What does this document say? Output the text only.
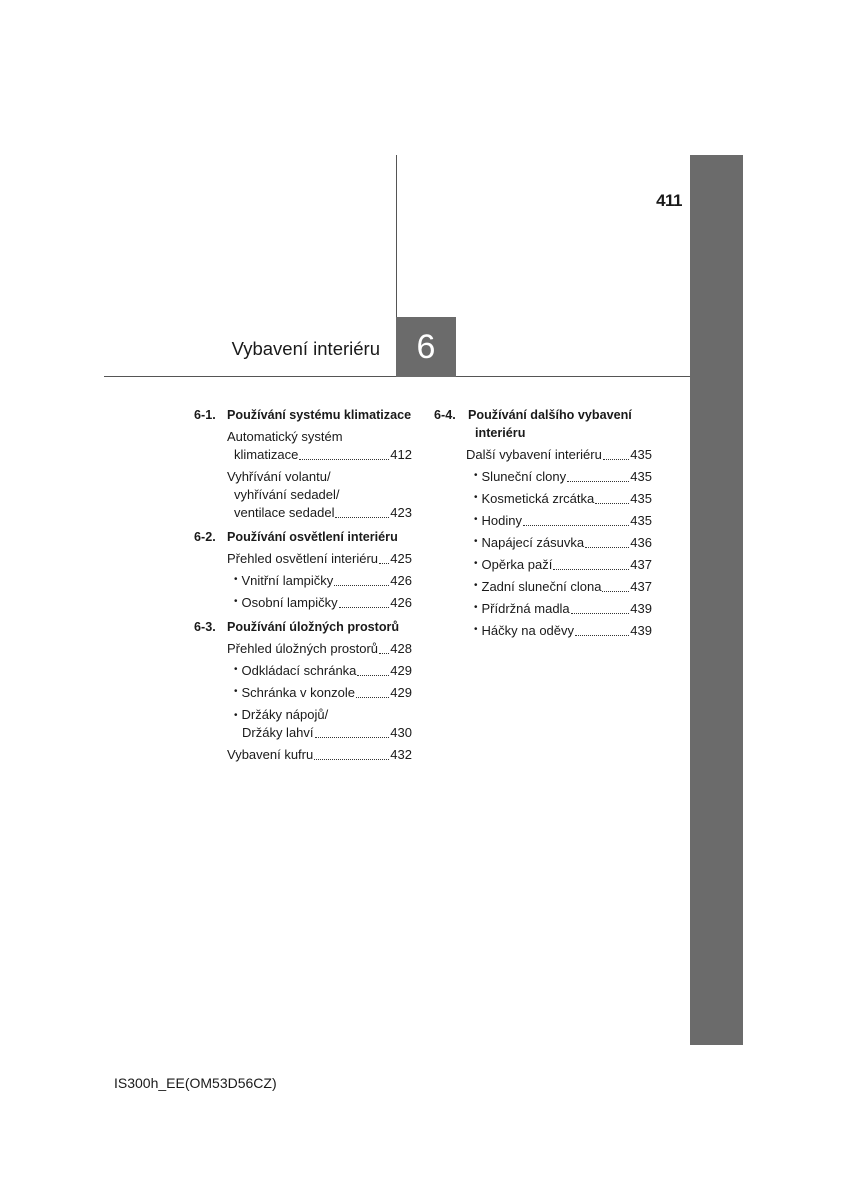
411
Vybavení interiéru	6
6-1. Používání systému klimatizace
Automatický systém
klimatizace	412
Vyhřívání volantu/
vyhřívání sedadel/
ventilace sedadel	423
6-2. Používání osvětlení interiéru
Přehled osvětlení interiéru 425
• Vnitřní lampičky	426
• Osobní lampičky	426
6-3. Používání úložných prostorů
Přehled úložných prostorů 428
• Odkládací schránka	429
• Schránka v konzole	429
• Držáky nápojů/
Držáky lahví	430
Vybavení kufru	432
6-4. Používání dalšího vybavení
interiéru
Další vybavení interiéru 435
• Sluneční clony	435
• Kosmetická zrcátka	435
• Hodiny	435
• Napájecí zásuvka	436
• Opěrka paží	437
• Zadní sluneční clona 437
• Přídržná madla	439
• Háčky na oděvy	439
IS300h_EE(OM53D56CZ)
